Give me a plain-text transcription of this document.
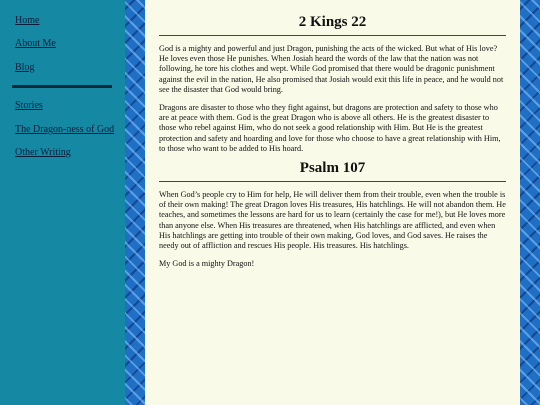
Home
About Me
Blog
Stories
The Dragon-ness of God
Other Writing
2 Kings 22

God is a mighty and powerful and just Dragon, punishing the acts of the wicked. But what of His love? He loves even those He punishes. When Josiah heard the words of the law that the nation was not following, he tore his clothes and wept. While God promised that there would be dragonic punishment against the evil in the nation, He also promised that Josiah would exit this life in peace, and he would not see the disaster that God would bring.

Dragons are disaster to those who they fight against, but dragons are protection and safety to those who are at peace with them. God is the great Dragon who is above all others. He is the greatest disaster to those who rebel against Him, who do not seek a good relationship with Him. But He is the greatest protection and safety and hoarding and love for those who choose to have a great relationship with Him, to those who want to be added to His hoard.

Psalm 107

When God’s people cry to Him for help, He will deliver them from their trouble, even when the trouble is of their own making! The great Dragon loves His treasures, His hatchlings. He will not abandon them. He teaches, and sometimes the lessons are hard for us to learn (certainly the case for me!), but He loves more than anyone else. When His treasures are threatened, when His hatchlings are afflicted, and even when His hatchlings are getting into trouble of their own making, God loves, and God saves. He raises the needy out of affliction and rescues His people. His treasures. His hatchlings.

My God is a mighty Dragon!
